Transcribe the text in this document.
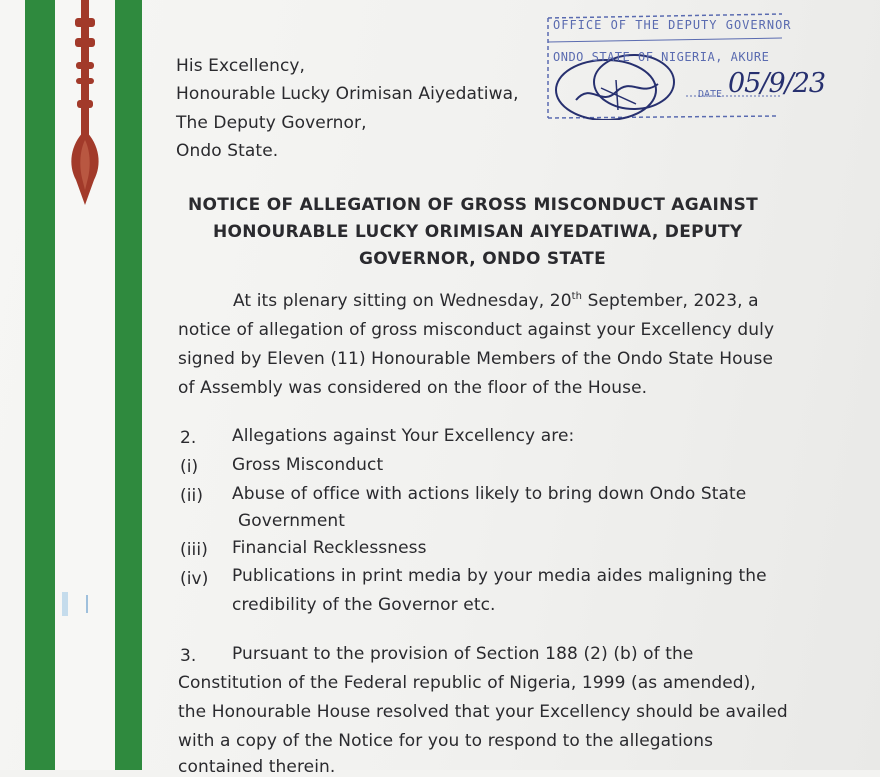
His Excellency,
Honourable Lucky Orimisan Aiyedatiwa,
The Deputy Governor,
Ondo State.
OFFICE OF THE DEPUTY GOVERNOR
ONDO STATE OF NIGERIA, AKURE
DATE 05/9/23
NOTICE OF ALLEGATION OF GROSS MISCONDUCT AGAINST
HONOURABLE LUCKY ORIMISAN AIYEDATIWA, DEPUTY
GOVERNOR, ONDO STATE
At its plenary sitting on Wednesday, 20th September, 2023, a
notice of allegation of gross misconduct against your Excellency duly
signed by Eleven (11) Honourable Members of the Ondo State House
of Assembly was considered on the floor of the House.
2. Allegations against Your Excellency are:
(i) Gross Misconduct
(ii) Abuse of office with actions likely to bring down Ondo State
Government
(iii) Financial Recklessness
(iv) Publications in print media by your media aides maligning the
credibility of the Governor etc.
3. Pursuant to the provision of Section 188 (2) (b) of the
Constitution of the Federal republic of Nigeria, 1999 (as amended),
the Honourable House resolved that your Excellency should be availed
with a copy of the Notice for you to respond to the allegations
contained therein.
